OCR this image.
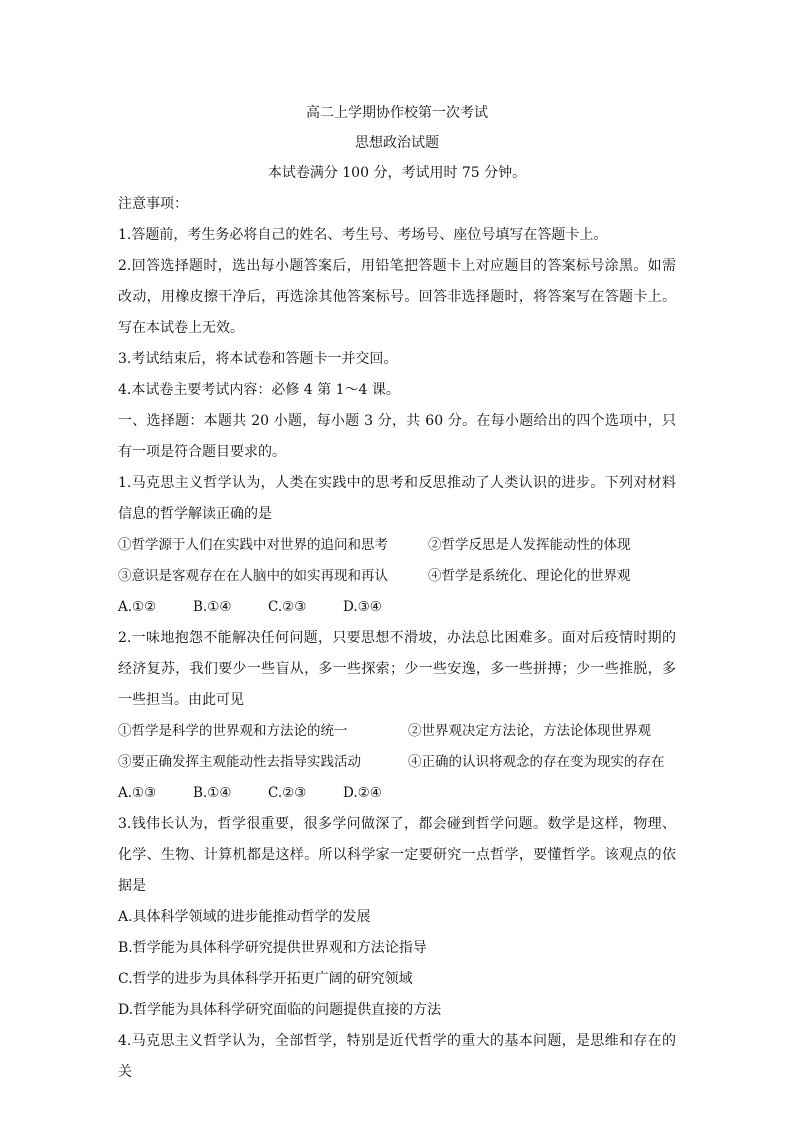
高二上学期协作校第一次考试
思想政治试题
本试卷满分 100 分，考试用时 75 分钟。

注意事项：

1.答题前，考生务必将自己的姓名、考生号、考场号、座位号填写在答题卡上。

2.回答选择题时，选出每小题答案后，用铅笔把答题卡上对应题目的答案标号涂黑。如需改动，用橡皮擦干净后，再选涂其他答案标号。回答非选择题时，将答案写在答题卡上。写在本试卷上无效。

3.考试结束后，将本试卷和答题卡一并交回。

4.本试卷主要考试内容：必修 4 第 1～4 课。

一、选择题：本题共 20 小题，每小题 3 分，共 60 分。在每小题给出的四个选项中，只有一项是符合题目要求的。

1.马克思主义哲学认为，人类在实践中的思考和反思推动了人类认识的进步。下列对材料信息的哲学解读正确的是

①哲学源于人们在实践中对世界的追问和思考	②哲学反思是人发挥能动性的体现
③意识是客观存在在人脑中的如实再现和再认	④哲学是系统化、理论化的世界观
A.①②	B.①④	C.②③	D.③④

2.一味地抱怨不能解决任何问题，只要思想不滑坡，办法总比困难多。面对后疫情时期的经济复苏，我们要少一些盲从，多一些探索；少一些安逸，多一些拼搏；少一些推脱，多一些担当。由此可见

①哲学是科学的世界观和方法论的统一	②世界观决定方法论，方法论体现世界观
③要正确发挥主观能动性去指导实践活动	④正确的认识将观念的存在变为现实的存在
A.①③	B.①④	C.②③	D.②④

3.钱伟长认为，哲学很重要，很多学问做深了，都会碰到哲学问题。数学是这样，物理、化学、生物、计算机都是这样。所以科学家一定要研究一点哲学，要懂哲学。该观点的依据是

A.具体科学领域的进步能推动哲学的发展

B.哲学能为具体科学研究提供世界观和方法论指导

C.哲学的进步为具体科学开拓更广阔的研究领域

D.哲学能为具体科学研究面临的问题提供直接的方法

4.马克思主义哲学认为，全部哲学，特别是近代哲学的重大的基本问题，是思维和存在的关
